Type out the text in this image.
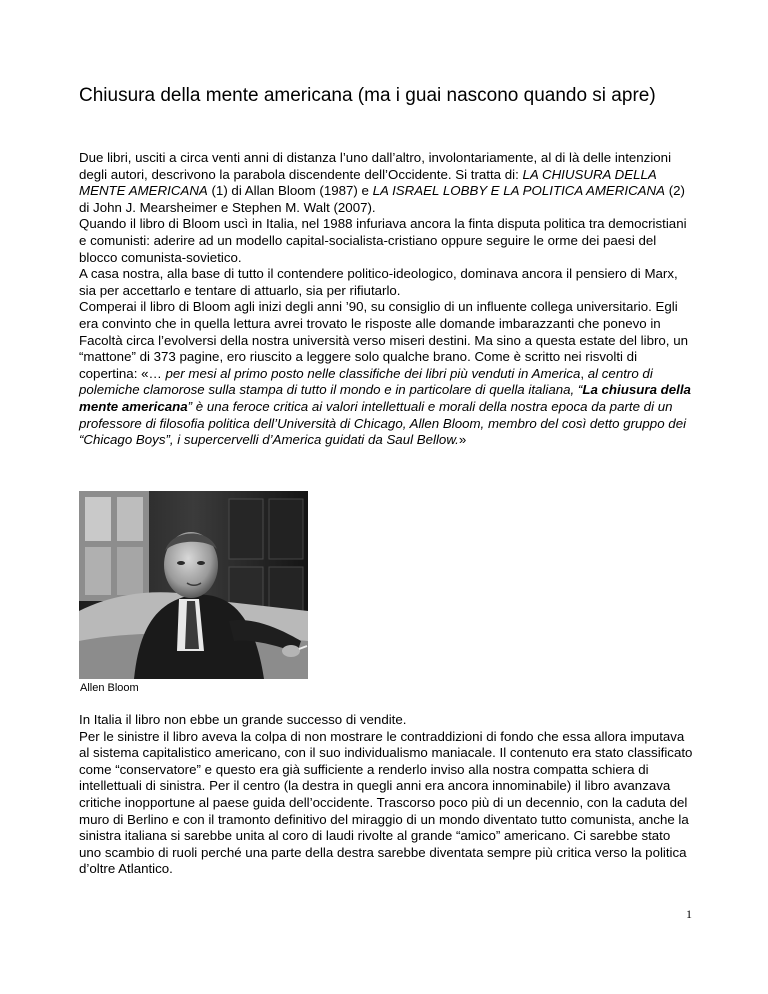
Chiusura della mente americana (ma i guai nascono quando si apre)

Due libri, usciti a circa venti anni di distanza l’uno dall’altro, involontariamente, al di là delle intenzioni degli autori, descrivono la parabola discendente dell’Occidente. Si tratta di: LA CHIUSURA DELLA MENTE AMERICANA (1) di Allan Bloom (1987) e LA ISRAEL LOBBY E LA POLITICA AMERICANA (2) di John J. Mearsheimer e Stephen M. Walt (2007).

Quando il libro di Bloom uscì in Italia, nel 1988 infuriava ancora la finta disputa politica tra democristiani e comunisti: aderire ad un modello capital-socialista-cristiano oppure seguire le orme dei paesi del blocco comunista-sovietico.

A casa nostra, alla base di tutto il contendere politico-ideologico, dominava ancora il pensiero di Marx, sia per accettarlo e tentare di attuarlo, sia per rifiutarlo.

Comperai il libro di Bloom agli inizi degli anni ’90, su consiglio di un influente collega universitario. Egli era convinto che in quella lettura avrei trovato le risposte alle domande imbarazzanti che ponevo in Facoltà circa l’evolversi della nostra università verso miseri destini. Ma sino a questa estate del libro, un “mattone” di 373 pagine, ero riuscito a leggere solo qualche brano. Come è scritto nei risvolti di copertina: «… per mesi al primo posto nelle classifiche dei libri più venduti in America, al centro di polemiche clamorose sulla stampa di tutto il mondo e in particolare di quella italiana, “La chiusura della mente americana” è una feroce critica ai valori intellettuali e morali della nostra epoca da parte di un professore di filosofia politica dell’Università di Chicago, Allen Bloom, membro del così detto gruppo dei “Chicago Boys”, i supercervelli d’America guidati da Saul Bellow.»

Allen Bloom

In Italia il libro non ebbe un grande successo di vendite.

Per le sinistre il libro aveva la colpa di non mostrare le contraddizioni di fondo che essa allora imputava al sistema capitalistico americano, con il suo individualismo maniacale. Il contenuto era stato classificato come “conservatore” e questo era già sufficiente a renderlo inviso alla nostra compatta schiera di intellettuali di sinistra. Per il centro (la destra in quegli anni era ancora innominabile) il libro avanzava critiche inopportune al paese guida dell’occidente. Trascorso poco più di un decennio, con la caduta del muro di Berlino e con il tramonto definitivo del miraggio di un mondo diventato tutto comunista, anche la sinistra italiana si sarebbe unita al coro di laudi rivolte al grande “amico” americano. Ci sarebbe stato uno scambio di ruoli perché una parte della destra sarebbe diventata sempre più critica verso la politica d’oltre Atlantico.

1
